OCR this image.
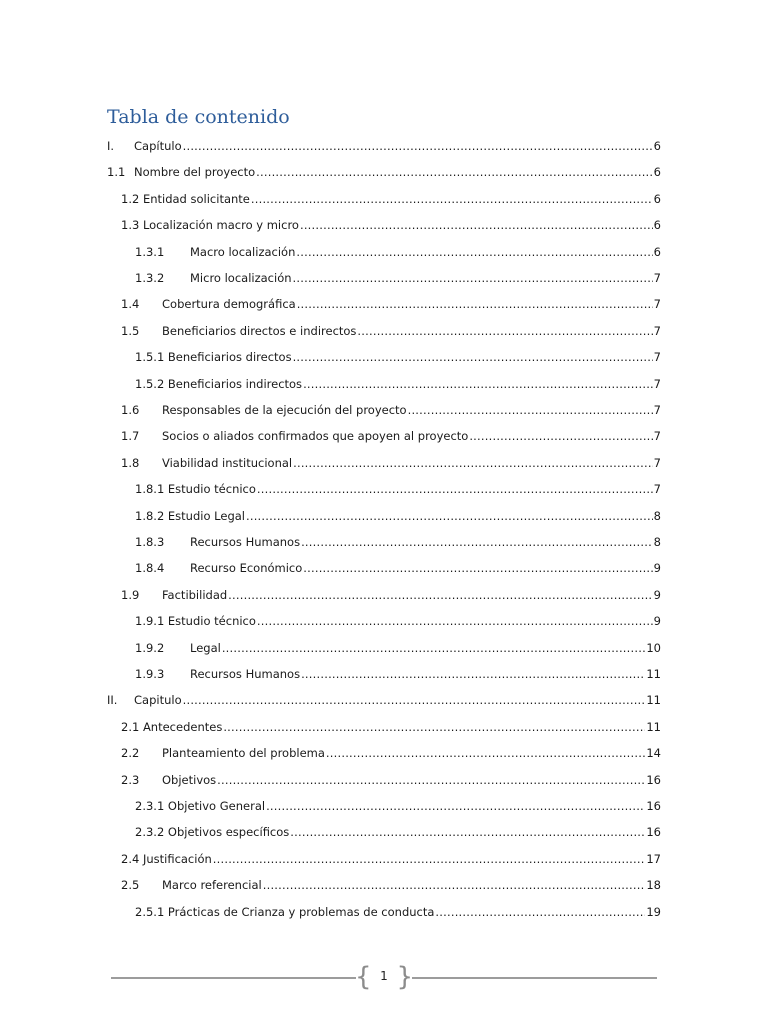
Tabla de contenido
I.	Capítulo .....	6
1.1 Nombre del proyecto .....	6
1.2 Entidad solicitante .....	6
1.3 Localización macro y micro .....	6
1.3.1	Macro localización .....	6
1.3.2	Micro localización .....	7
1.4	Cobertura demográfica .....	7
1.5	Beneficiarios directos e indirectos .....	7
1.5.1 Beneficiarios directos .....	7
1.5.2 Beneficiarios indirectos .....	7
1.6	Responsables de la ejecución del proyecto .....	7
1.7	Socios o aliados confirmados que apoyen al proyecto .....	7
1.8	Viabilidad institucional .....	7
1.8.1 Estudio técnico .....	7
1.8.2 Estudio Legal .....	8
1.8.3	Recursos Humanos .....	8
1.8.4	Recurso Económico .....	9
1.9	Factibilidad .....	9
1.9.1 Estudio técnico .....	9
1.9.2	Legal .....	10
1.9.3	Recursos Humanos .....	11
II.	Capitulo .....	11
2.1 Antecedentes .....	11
2.2	Planteamiento del problema .....	14
2.3	Objetivos .....	16
2.3.1 Objetivo General .....	16
2.3.2 Objetivos específicos .....	16
2.4 Justificación .....	17
2.5	Marco referencial .....	18
2.5.1 Prácticas de Crianza y problemas de conducta .....	19
{ 1 }
